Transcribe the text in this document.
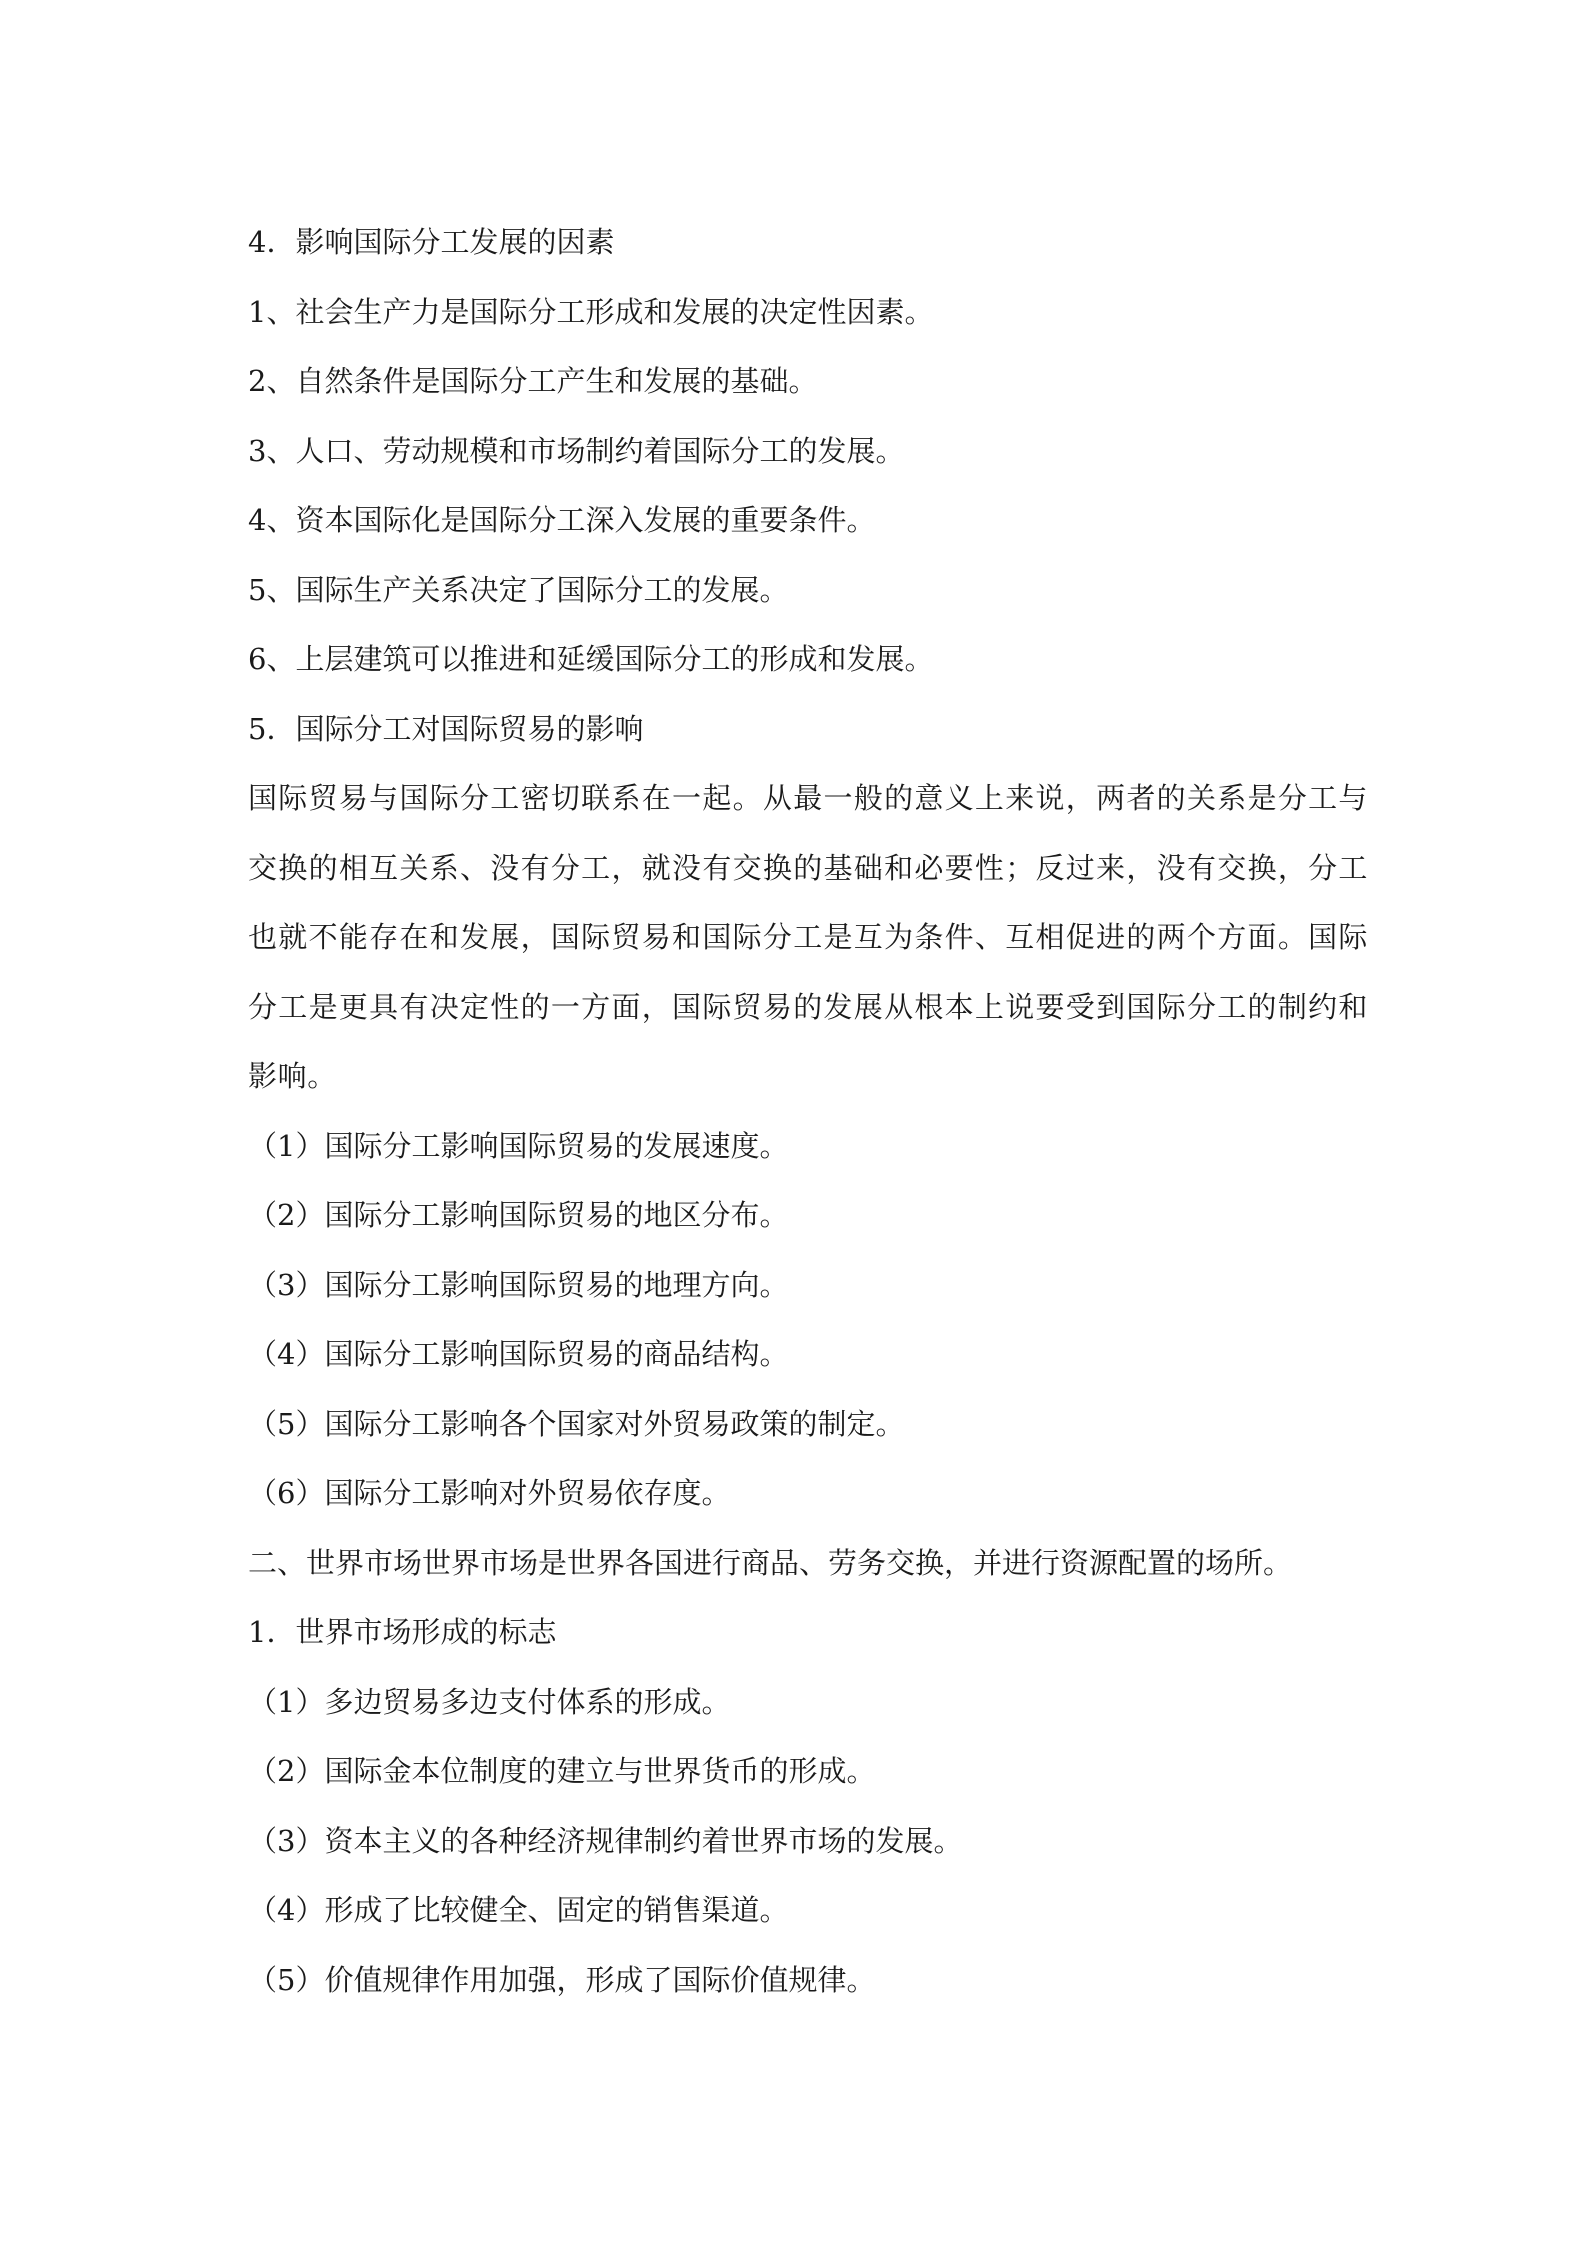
4．影响国际分工发展的因素
1、社会生产力是国际分工形成和发展的决定性因素。
2、自然条件是国际分工产生和发展的基础。
3、人口、劳动规模和市场制约着国际分工的发展。
4、资本国际化是国际分工深入发展的重要条件。
5、国际生产关系决定了国际分工的发展。
6、上层建筑可以推进和延缓国际分工的形成和发展。
5．国际分工对国际贸易的影响
国际贸易与国际分工密切联系在一起。从最一般的意义上来说，两者的关系是分工与交换的相互关系、没有分工，就没有交换的基础和必要性；反过来，没有交换，分工也就不能存在和发展，国际贸易和国际分工是互为条件、互相促进的两个方面。国际分工是更具有决定性的一方面，国际贸易的发展从根本上说要受到国际分工的制约和影响。
（1）国际分工影响国际贸易的发展速度。
（2）国际分工影响国际贸易的地区分布。
（3）国际分工影响国际贸易的地理方向。
（4）国际分工影响国际贸易的商品结构。
（5）国际分工影响各个国家对外贸易政策的制定。
（6）国际分工影响对外贸易依存度。
二、世界市场世界市场是世界各国进行商品、劳务交换，并进行资源配置的场所。
1．世界市场形成的标志
（1）多边贸易多边支付体系的形成。
（2）国际金本位制度的建立与世界货币的形成。
（3）资本主义的各种经济规律制约着世界市场的发展。
（4）形成了比较健全、固定的销售渠道。
（5）价值规律作用加强，形成了国际价值规律。
